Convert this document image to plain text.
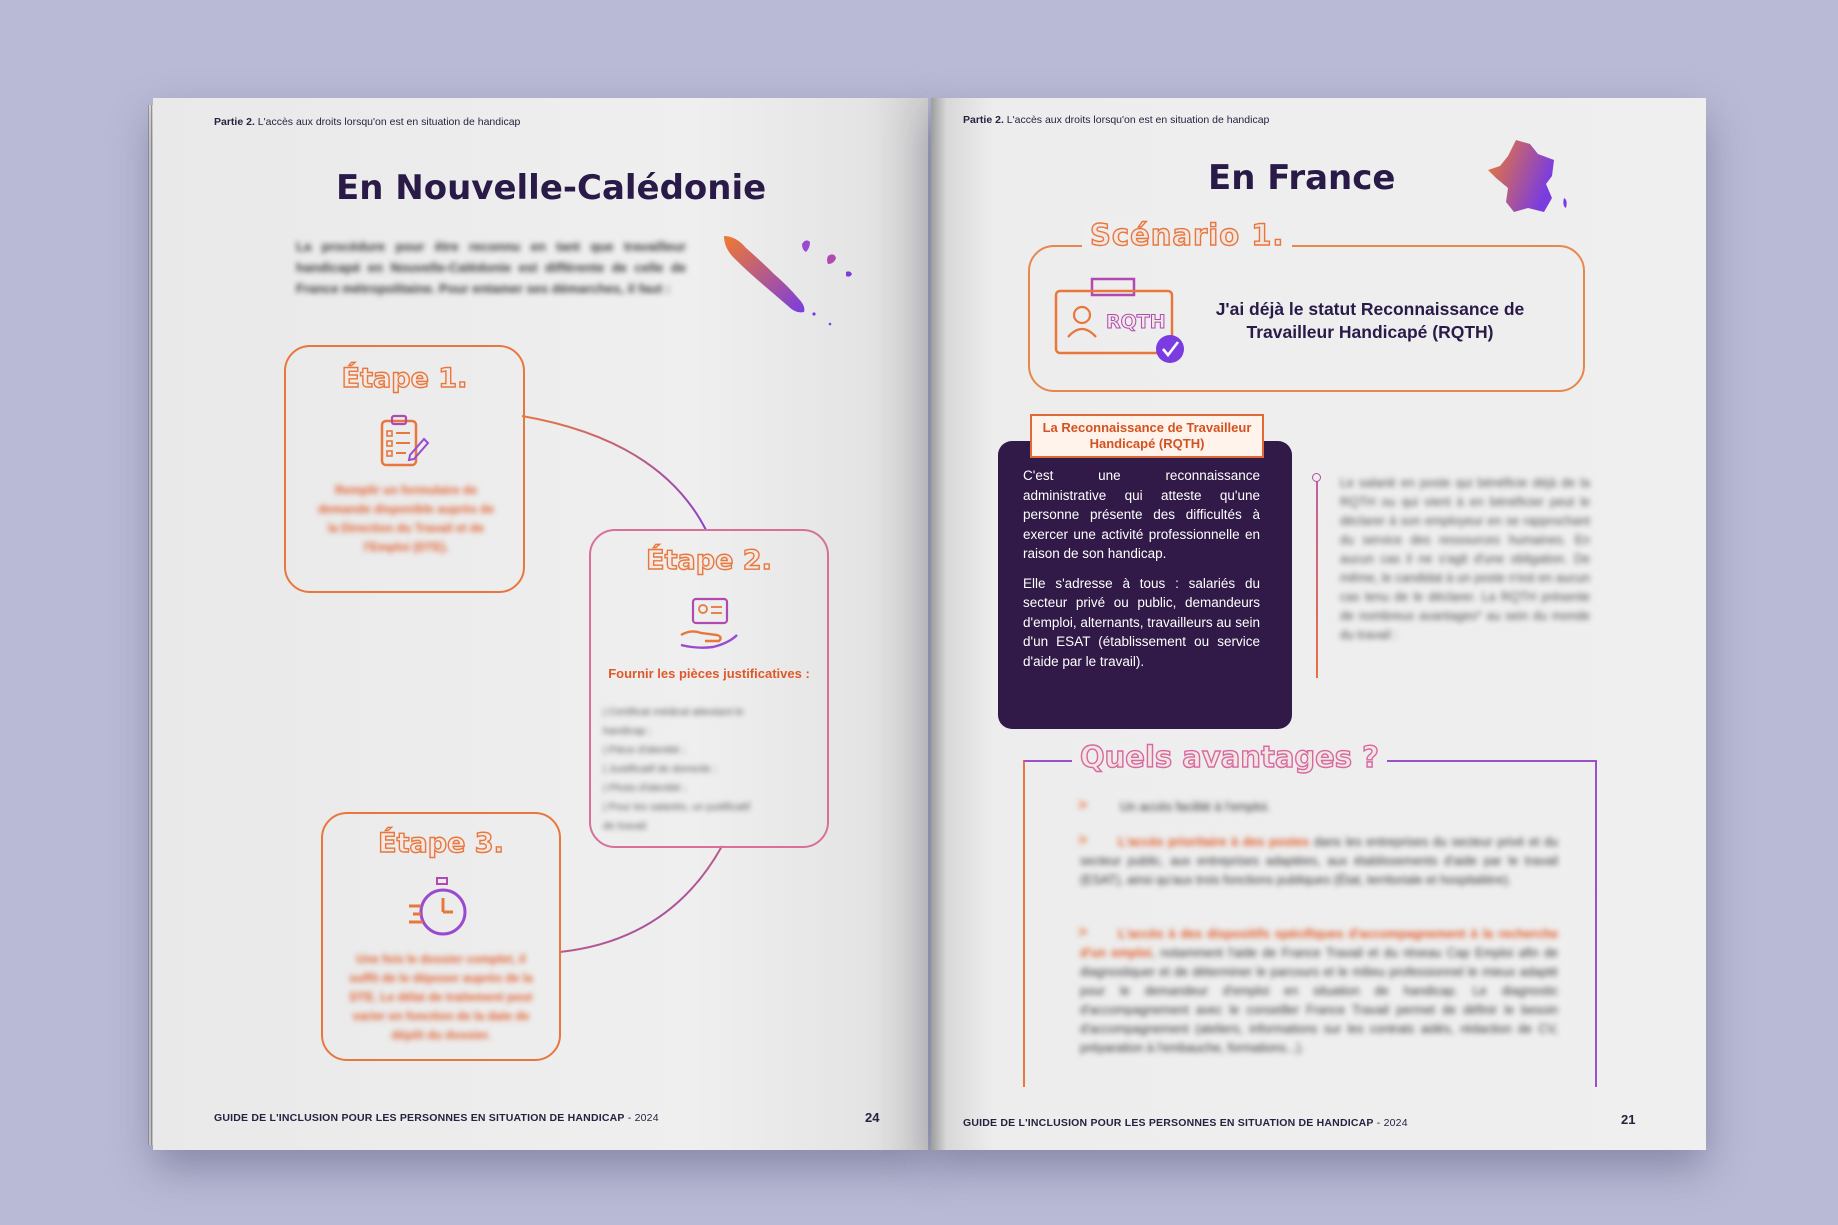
Partie 2. L'accès aux droits lorsqu'on est en situation de handicap
En Nouvelle-Calédonie
La procédure pour être reconnu en tant que travailleur handicapé en Nouvelle-Calédonie est différente de celle de France métropolitaine. Pour entamer ses démarches, il faut :
Étape 1.
Remplir un formulaire de demande disponible auprès de la Direction du Travail et de l'Emploi (DTE).	Étape 2.
Fournir les pièces justificatives :
| Certificat médical attestant le
handicap ;
| Pièce d'identité ;
| Justificatif de domicile ;
| Photo d'identité ;
| Pour les salariés, un justificatif
de travail.
Étape 3.
Une fois le dossier complet, il suffit de le déposer auprès de la DTE. Le délai de traitement peut varier en fonction de la date de dépôt du dossier.
GUIDE DE L'INCLUSION POUR LES PERSONNES EN SITUATION DE HANDICAP - 2024	24
Partie 2. L'accès aux droits lorsqu'on est en situation de handicap
En France
Scénario 1.
RQTH
J'ai déjà le statut Reconnaissance de Travailleur Handicapé (RQTH)
La Reconnaissance de Travailleur Handicapé (RQTH)

C'est une reconnaissance administrative qui atteste qu'une personne présente des difficultés à exercer une activité professionnelle en raison de son handicap.

Elle s'adresse à tous : salariés du secteur privé ou public, demandeurs d'emploi, alternants, travailleurs au sein d'un ESAT (établissement ou service d'aide par le travail).

Le salarié en poste qui bénéficie déjà de la RQTH ou qui vient à en bénéficier peut le déclarer à son employeur en se rapprochant du service des ressources humaines. En aucun cas il ne s'agit d'une obligation. De même, le candidat à un poste n'est en aucun cas tenu de le déclarer. La RQTH présente de nombreux avantages* au sein du monde du travail :
Quels avantages ?
>	Un accès facilité à l'emploi.
>	L'accès prioritaire à des postes dans les entreprises du secteur privé et du secteur public, aux entreprises adaptées, aux établissements d'aide par le travail (ESAT), ainsi qu'aux trois fonctions publiques (État, territoriale et hospitalière).
>	L'accès à des dispositifs spécifiques d'accompagnement à la recherche d'un emploi, notamment l'aide de France Travail et du réseau Cap Emploi afin de diagnostiquer et de déterminer le parcours et le milieu professionnel le mieux adapté pour le demandeur d'emploi en situation de handicap. Le diagnostic d'accompagnement avec le conseiller France Travail permet de définir le besoin d'accompagnement (ateliers, informations sur les contrats aidés, rédaction de CV, préparation à l'embauche, formations...).
GUIDE DE L'INCLUSION POUR LES PERSONNES EN SITUATION DE HANDICAP - 2024	21
